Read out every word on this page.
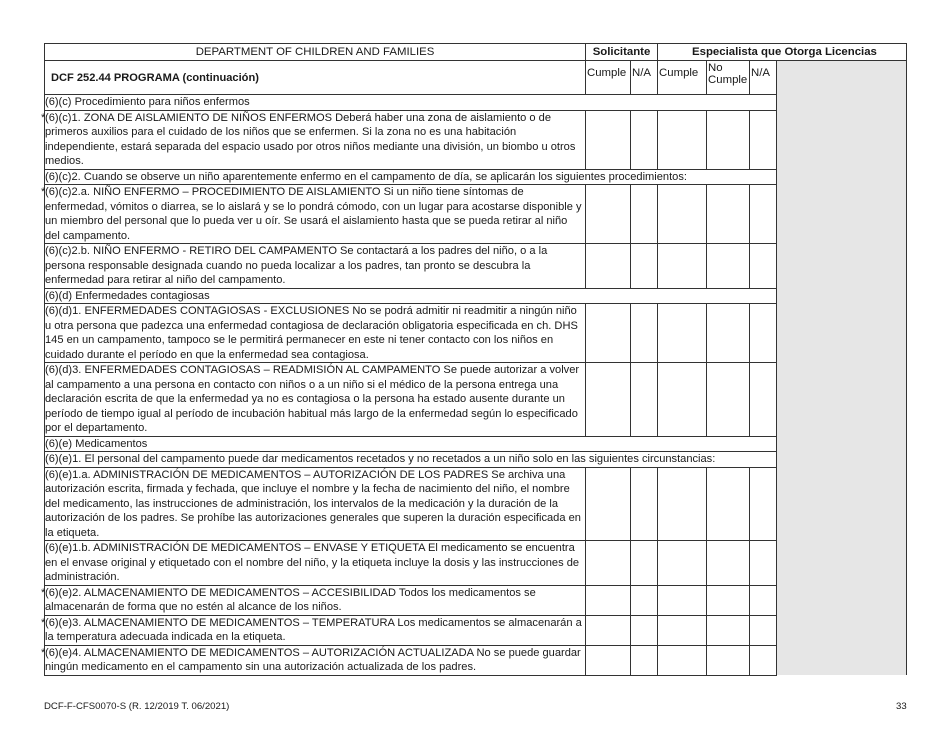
DEPARTMENT OF CHILDREN AND FAMILIES	Solicitante		Especialista que Otorga Licencias			
DCF 252.44 PROGRAMA (continuación)	Cumple	N/A	Cumple	No Cumple	N/A	
(6)(c) Procedimiento para niños enfermos						
*(6)(c)1. ZONA DE AISLAMIENTO DE NIÑOS ENFERMOS Deberá haber una zona de aislamiento o de primeros auxilios para el cuidado de los niños que se enfermen. Si la zona no es una habitación independiente, estará separada del espacio usado por otros niños mediante una división, un biombo u otros medios.						
(6)(c)2. Cuando se observe un niño aparentemente enfermo en el campamento de día, se aplicarán los siguientes procedimientos:						
*(6)(c)2.a. NIÑO ENFERMO – PROCEDIMIENTO DE AISLAMIENTO Si un niño tiene síntomas de enfermedad, vómitos o diarrea, se lo aislará y se lo pondrá cómodo, con un lugar para acostarse disponible y un miembro del personal que lo pueda ver u oír. Se usará el aislamiento hasta que se pueda retirar al niño del campamento.						
(6)(c)2.b. NIÑO ENFERMO - RETIRO DEL CAMPAMENTO Se contactará a los padres del niño, o a la persona responsable designada cuando no pueda localizar a los padres, tan pronto se descubra la enfermedad para retirar al niño del campamento.						
(6)(d) Enfermedades contagiosas						
(6)(d)1. ENFERMEDADES CONTAGIOSAS - EXCLUSIONES No se podrá admitir ni readmitir a ningún niño u otra persona que padezca una enfermedad contagiosa de declaración obligatoria especificada en ch. DHS 145 en un campamento, tampoco se le permitirá permanecer en este ni tener contacto con los niños en cuidado durante el período en que la enfermedad sea contagiosa.						
(6)(d)3. ENFERMEDADES CONTAGIOSAS – READMISIÓN AL CAMPAMENTO Se puede autorizar a volver al campamento a una persona en contacto con niños o a un niño si el médico de la persona entrega una declaración escrita de que la enfermedad ya no es contagiosa o la persona ha estado ausente durante un período de tiempo igual al período de incubación habitual más largo de la enfermedad según lo especificado por el departamento.						
(6)(e) Medicamentos						
(6)(e)1. El personal del campamento puede dar medicamentos recetados y no recetados a un niño solo en las siguientes circunstancias:						
(6)(e)1.a. ADMINISTRACIÓN DE MEDICAMENTOS – AUTORIZACIÓN DE LOS PADRES Se archiva una autorización escrita, firmada y fechada, que incluye el nombre y la fecha de nacimiento del niño, el nombre del medicamento, las instrucciones de administración, los intervalos de la medicación y la duración de la autorización de los padres. Se prohíbe las autorizaciones generales que superen la duración especificada en la etiqueta.						
(6)(e)1.b. ADMINISTRACIÓN DE MEDICAMENTOS – ENVASE Y ETIQUETA El medicamento se encuentra en el envase original y etiquetado con el nombre del niño, y la etiqueta incluye la dosis y las instrucciones de administración.						
*(6)(e)2. ALMACENAMIENTO DE MEDICAMENTOS – ACCESIBILIDAD Todos los medicamentos se almacenarán de forma que no estén al alcance de los niños.						
*(6)(e)3. ALMACENAMIENTO DE MEDICAMENTOS – TEMPERATURA Los medicamentos se almacenarán a la temperatura adecuada indicada en la etiqueta.						
*(6)(e)4. ALMACENAMIENTO DE MEDICAMENTOS – AUTORIZACIÓN ACTUALIZADA No se puede guardar ningún medicamento en el campamento sin una autorización actualizada de los padres.						
DCF-F-CFS0070-S (R. 12/2019 T. 06/2021)	33
